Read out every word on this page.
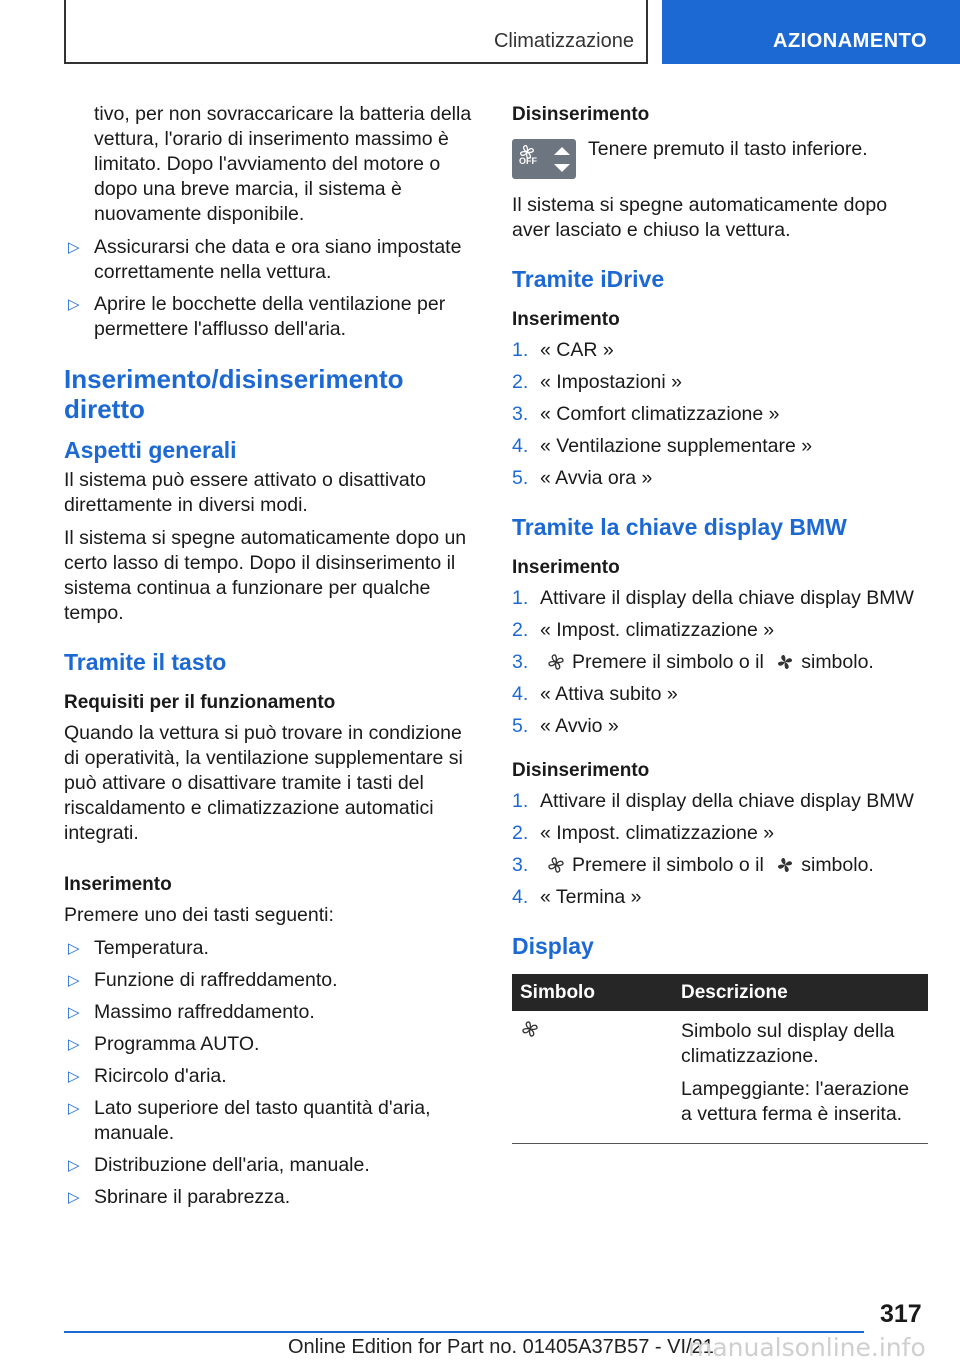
Climatizzazione	AZIONAMENTO

tivo, per non sovraccaricare la batteria della vettura, l'orario di inserimento massimo è limitato. Dopo l'avviamento del motore o dopo una breve marcia, il sistema è nuovamente disponibile.

▷ Assicurarsi che data e ora siano impostate correttamente nella vettura.
▷ Aprire le bocchette della ventilazione per permettere l'afflusso dell'aria.
Inserimento/disinserimento diretto
Aspetti generali

Il sistema può essere attivato o disattivato direttamente in diversi modi.

Il sistema si spegne automaticamente dopo un certo lasso di tempo. Dopo il disinserimento il sistema continua a funzionare per qualche tempo.

Tramite il tasto
Requisiti per il funzionamento

Quando la vettura si può trovare in condizione di operatività, la ventilazione supplementare si può attivare o disattivare tramite i tasti del riscaldamento e climatizzazione automatici integrati.

Inserimento

Premere uno dei tasti seguenti:

▷ Temperatura.
▷ Funzione di raffreddamento.
▷ Massimo raffreddamento.
▷ Programma AUTO.
▷ Ricircolo d'aria.
▷ Lato superiore del tasto quantità d'aria, manuale.
▷ Distribuzione dell'aria, manuale.
▷ Sbrinare il parabrezza.
Disinserimento
OFF
Tenere premuto il tasto inferiore.

Il sistema si spegne automaticamente dopo aver lasciato e chiuso la vettura.

Tramite iDrive
Inserimento
1. « CAR »
2. « Impostazioni »
3. « Comfort climatizzazione »
4. « Ventilazione supplementare »
5. « Avvia ora »
Tramite la chiave display BMW
Inserimento
1. Attivare il display della chiave display BMW
2. « Impost. climatizzazione »
3. Premere il simbolo o il simbolo.
4. « Attiva subito »
5. « Avvio »
Disinserimento
1. Attivare il display della chiave display BMW
2. « Impost. climatizzazione »
3. Premere il simbolo o il simbolo.
4. « Termina »
Display
Simbolo	Descrizione

Simbolo sul display della climatizzazione.

Lampeggiante: l'aerazione a vettura ferma è inserita.

317
Online Edition for Part no. 01405A37B57 - VI/21
manualsonline.info
